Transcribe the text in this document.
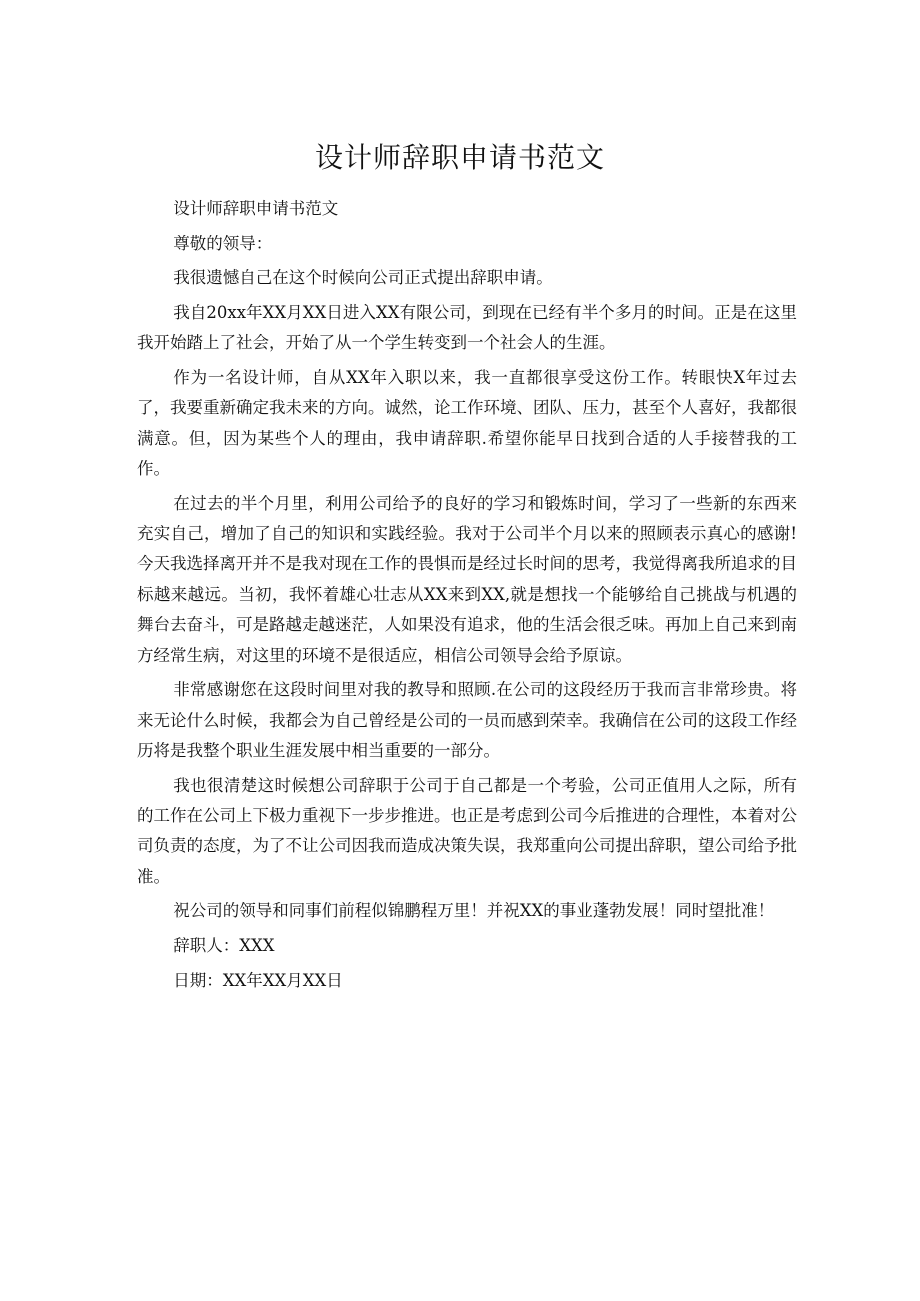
设计师辞职申请书范文

设计师辞职申请书范文

尊敬的领导：

我很遗憾自己在这个时候向公司正式提出辞职申请。

我自20xx年XX月XX日进入XX有限公司，到现在已经有半个多月的时间。正是在这里我开始踏上了社会，开始了从一个学生转变到一个社会人的生涯。

作为一名设计师，自从XX年入职以来，我一直都很享受这份工作。转眼快X年过去了，我要重新确定我未来的方向。诚然，论工作环境、团队、压力，甚至个人喜好，我都很满意。但，因为某些个人的理由，我申请辞职.希望你能早日找到合适的人手接替我的工作。

在过去的半个月里，利用公司给予的良好的学习和锻炼时间，学习了一些新的东西来充实自己，增加了自己的知识和实践经验。我对于公司半个月以来的照顾表示真心的感谢!今天我选择离开并不是我对现在工作的畏惧而是经过长时间的思考，我觉得离我所追求的目标越来越远。当初，我怀着雄心壮志从XX来到XX,就是想找一个能够给自己挑战与机遇的舞台去奋斗，可是路越走越迷茫，人如果没有追求，他的生活会很乏味。再加上自己来到南方经常生病，对这里的环境不是很适应，相信公司领导会给予原谅。

非常感谢您在这段时间里对我的教导和照顾.在公司的这段经历于我而言非常珍贵。将来无论什么时候，我都会为自己曾经是公司的一员而感到荣幸。我确信在公司的这段工作经历将是我整个职业生涯发展中相当重要的一部分。

我也很清楚这时候想公司辞职于公司于自己都是一个考验，公司正值用人之际，所有的工作在公司上下极力重视下一步步推进。也正是考虑到公司今后推进的合理性，本着对公司负责的态度，为了不让公司因我而造成决策失误，我郑重向公司提出辞职，望公司给予批准。

祝公司的领导和同事们前程似锦鹏程万里！并祝XX的事业蓬勃发展！同时望批准！

辞职人：XXX

日期：XX年XX月XX日
